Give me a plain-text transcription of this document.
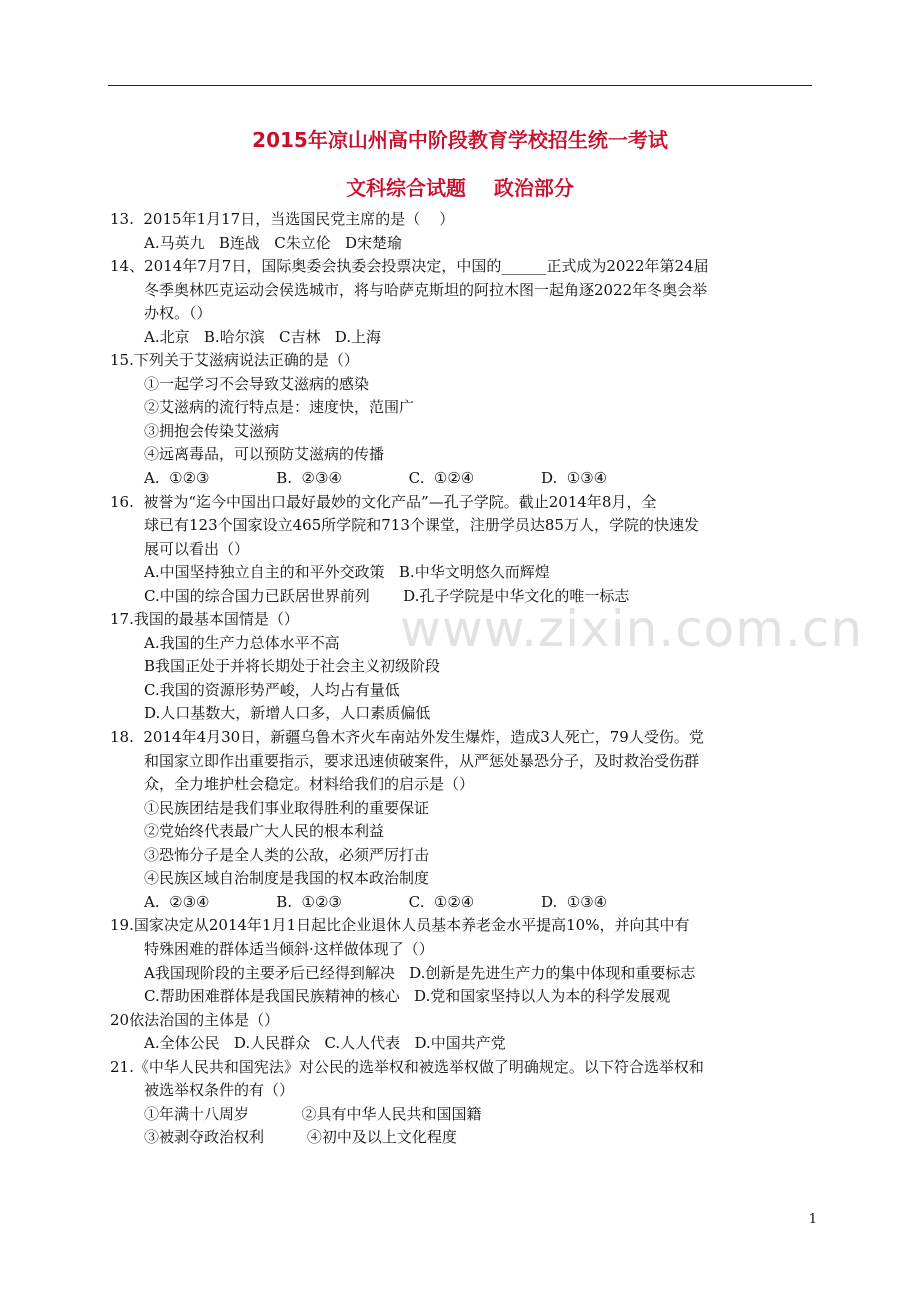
2015年凉山州高中阶段教育学校招生统一考试
文科综合试题    政治部分
www.zixin.com.cn
13.  2015年1月17日，当选国民党主席的是（    ）
A.马英九   B连战   C朱立伦   D宋楚瑜
14、2014年7月7日，国际奥委会执委会投票决定，中国的______正式成为2022年第24届
冬季奥林匹克运动会侯选城市，将与哈萨克斯坦的阿拉木图一起角逐2022年冬奥会举
办权。（）
A.北京   B.哈尔滨   C吉林   D.上海
15.下列关于艾滋病说法正确的是（）
①一起学习不会导致艾滋病的感染
②艾滋病的流行特点是：速度快，范围广
③拥抱会传染艾滋病
④远离毒品，可以预防艾滋病的传播
A.  ①②③              B.  ②③④              C.  ①②④              D.  ①③④
16.  被誉为“迄今中国出口最好最妙的文化产品”—孔子学院。截止2014年8月，全
球已有123个国家设立465所学院和713个课堂，注册学员达85万人，学院的快速发
展可以看出（）
A.中国坚持独立自主的和平外交政策   B.中华文明悠久而辉煌
C.中国的综合国力已跃居世界前列       D.孔子学院是中华文化的唯一标志
17.我国的最基本国情是（）
A.我国的生产力总体水平不高
B我国正处于并将长期处于社会主义初级阶段
C.我国的资源形势严峻，人均占有量低
D.人口基数大，新增人口多，人口素质偏低
18.  2014年4月30日，新疆乌鲁木齐火车南站外发生爆炸，造成3人死亡，79人受伤。党
和国家立即作出重要指示，要求迅速侦破案件，从严惩处暴恐分子，及时救治受伤群
众，全力堆护杜会稳定。材料给我们的启示是（）
①民族团结是我们事业取得胜利的重要保证
②党始终代表最广大人民的根本利益
③恐怖分子是全人类的公敌，必须严厉打击
④民族区域自治制度是我国的权本政治制度
A.  ②③④              B.  ①②③              C.  ①②④              D.  ①③④
19.国家决定从2014年1月1日起比企业退休人员基本养老金水平提高10%，并向其中有
特殊困难的群体适当倾斜·这样做体现了（）
A我国现阶段的主要矛后已经得到解决   D.创新是先进生产力的集中体现和重要标志
C.帮助困难群体是我国民族精神的核心   D.党和国家坚持以人为本的科学发展观
20依法治国的主体是（）
A.全体公民   D.人民群众   C.人人代表   D.中国共产党
21.《中华人民共和国宪法》对公民的选举权和被选举权做了明确规定。以下符合选举权和
被选举权条件的有（）
①年满十八周岁           ②具有中华人民共和国国籍
③被剥夺政治权利         ④初中及以上文化程度
1
